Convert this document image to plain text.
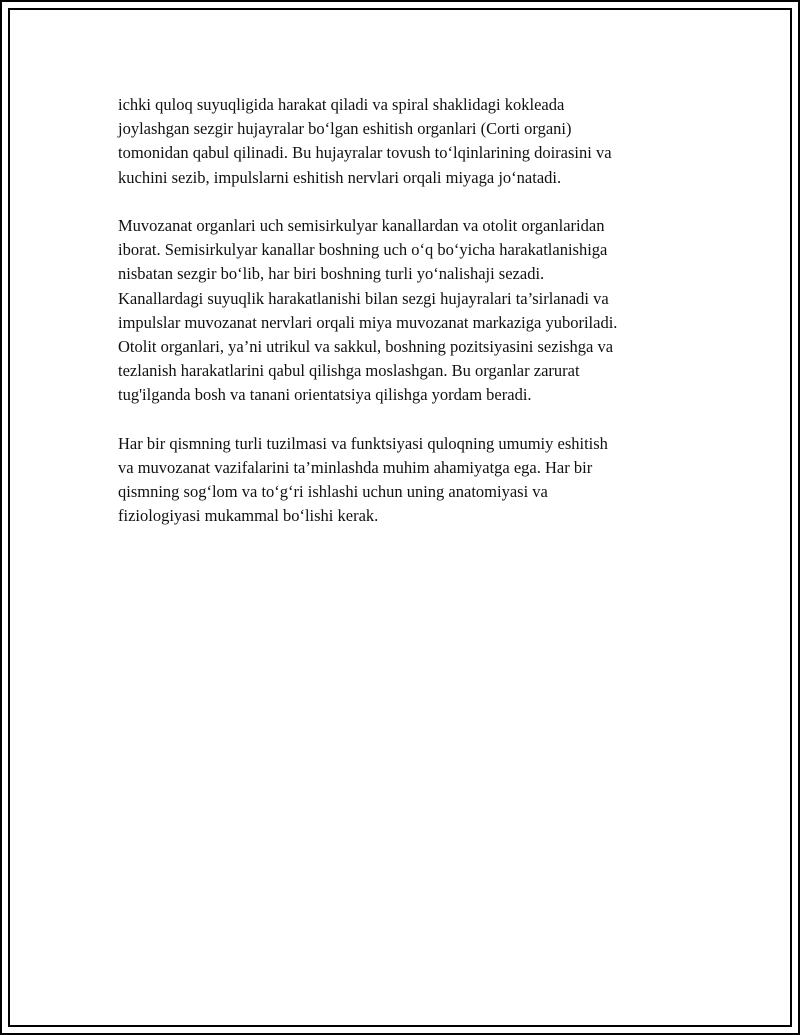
ichki quloq suyuqligida harakat qiladi va spiral shaklidagi kokleada
joylashgan sezgir hujayralar bo‘lgan eshitish organlari (Corti organi)
tomonidan qabul qilinadi. Bu hujayralar tovush to‘lqinlarining doirasini va
kuchini sezib, impulslarni eshitish nervlari orqali miyaga jo‘natadi.

Muvozanat organlari uch semisirkulyar kanallardan va otolit organlaridan
iborat. Semisirkulyar kanallar boshning uch o‘q bo‘yicha harakatlanishiga
nisbatan sezgir bo‘lib, har biri boshning turli yo‘nalishaji sezadi.
Kanallardagi suyuqlik harakatlanishi bilan sezgi hujayralari ta’sirlanadi va
impulslar muvozanat nervlari orqali miya muvozanat markaziga yuboriladi.
Otolit organlari, ya’ni utrikul va sakkul, boshning pozitsiyasini sezishga va
tezlanish harakatlarini qabul qilishga moslashgan. Bu organlar zarurat
tug'ilganda bosh va tanani orientatsiya qilishga yordam beradi.

Har bir qismning turli tuzilmasi va funktsiyasi quloqning umumiy eshitish
va muvozanat vazifalarini ta’minlashda muhim ahamiyatga ega. Har bir
qismning sog‘lom va to‘g‘ri ishlashi uchun uning anatomiyasi va
fiziologiyasi mukammal bo‘lishi kerak.
